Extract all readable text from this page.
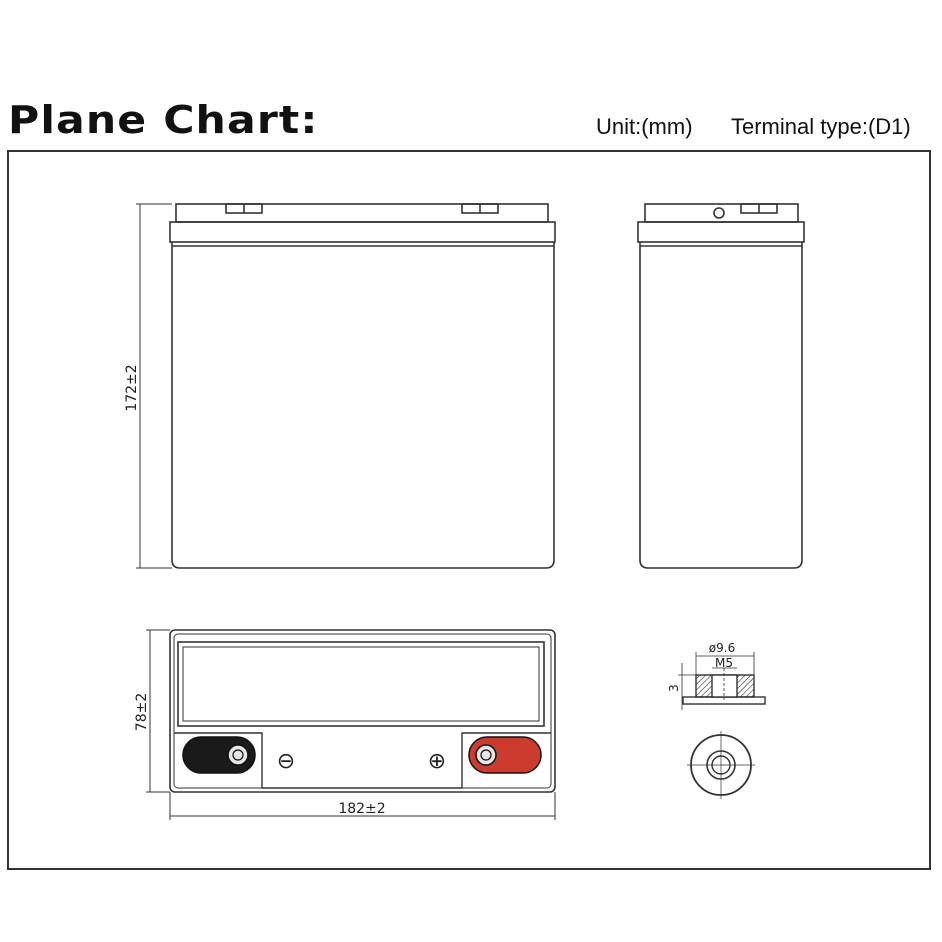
Plane Chart:	Unit:(mm) Terminal type:(D1)
172±2
⊖	⊕
78±2
182±2
ø9.6
M5
3
